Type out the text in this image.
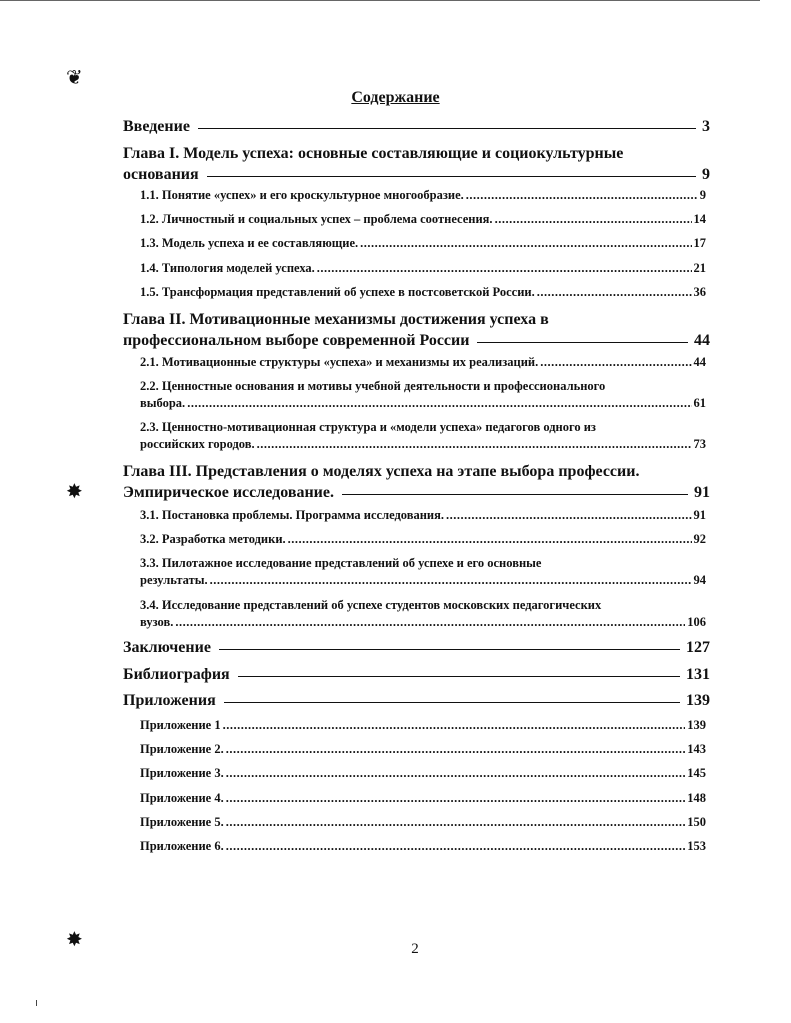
❦
✸
✸
Содержание
Введение	3
Глава I. Модель успеха: основные составляющие и социокультурные
основания	9
1.1. Понятие «успех» и его кроскультурное многообразие. .....	9
1.2. Личностный и социальных успех – проблема соотнесения. .....	14
1.3. Модель успеха и ее составляющие. .....	17
1.4. Типология моделей успеха. .....	21
1.5. Трансформация представлений об успехе в постсоветской России. .....	36
Глава II. Мотивационные механизмы достижения успеха в
профессиональном выборе современной России	44
2.1. Мотивационные структуры «успеха» и механизмы их реализаций. .....	44
2.2. Ценностные основания и мотивы учебной деятельности и профессионального
выбора. .....	61
2.3. Ценностно-мотивационная структура и «модели успеха» педагогов одного из
российских городов. .....	73
Глава III. Представления о моделях успеха на этапе выбора профессии.
Эмпирическое исследование.	91
3.1. Постановка проблемы. Программа исследования. .....	91
3.2. Разработка методики. .....	92
3.3. Пилотажное исследование представлений об успехе и его основные
результаты. .....	94
3.4. Исследование представлений об успехе студентов московских педагогических
вузов. .....	106
Заключение	127
Библиография	131
Приложения	139
Приложение 1 .....	139
Приложение 2. .....	143
Приложение 3. .....	145
Приложение 4. .....	148
Приложение 5. .....	150
Приложение 6. .....	153
2
